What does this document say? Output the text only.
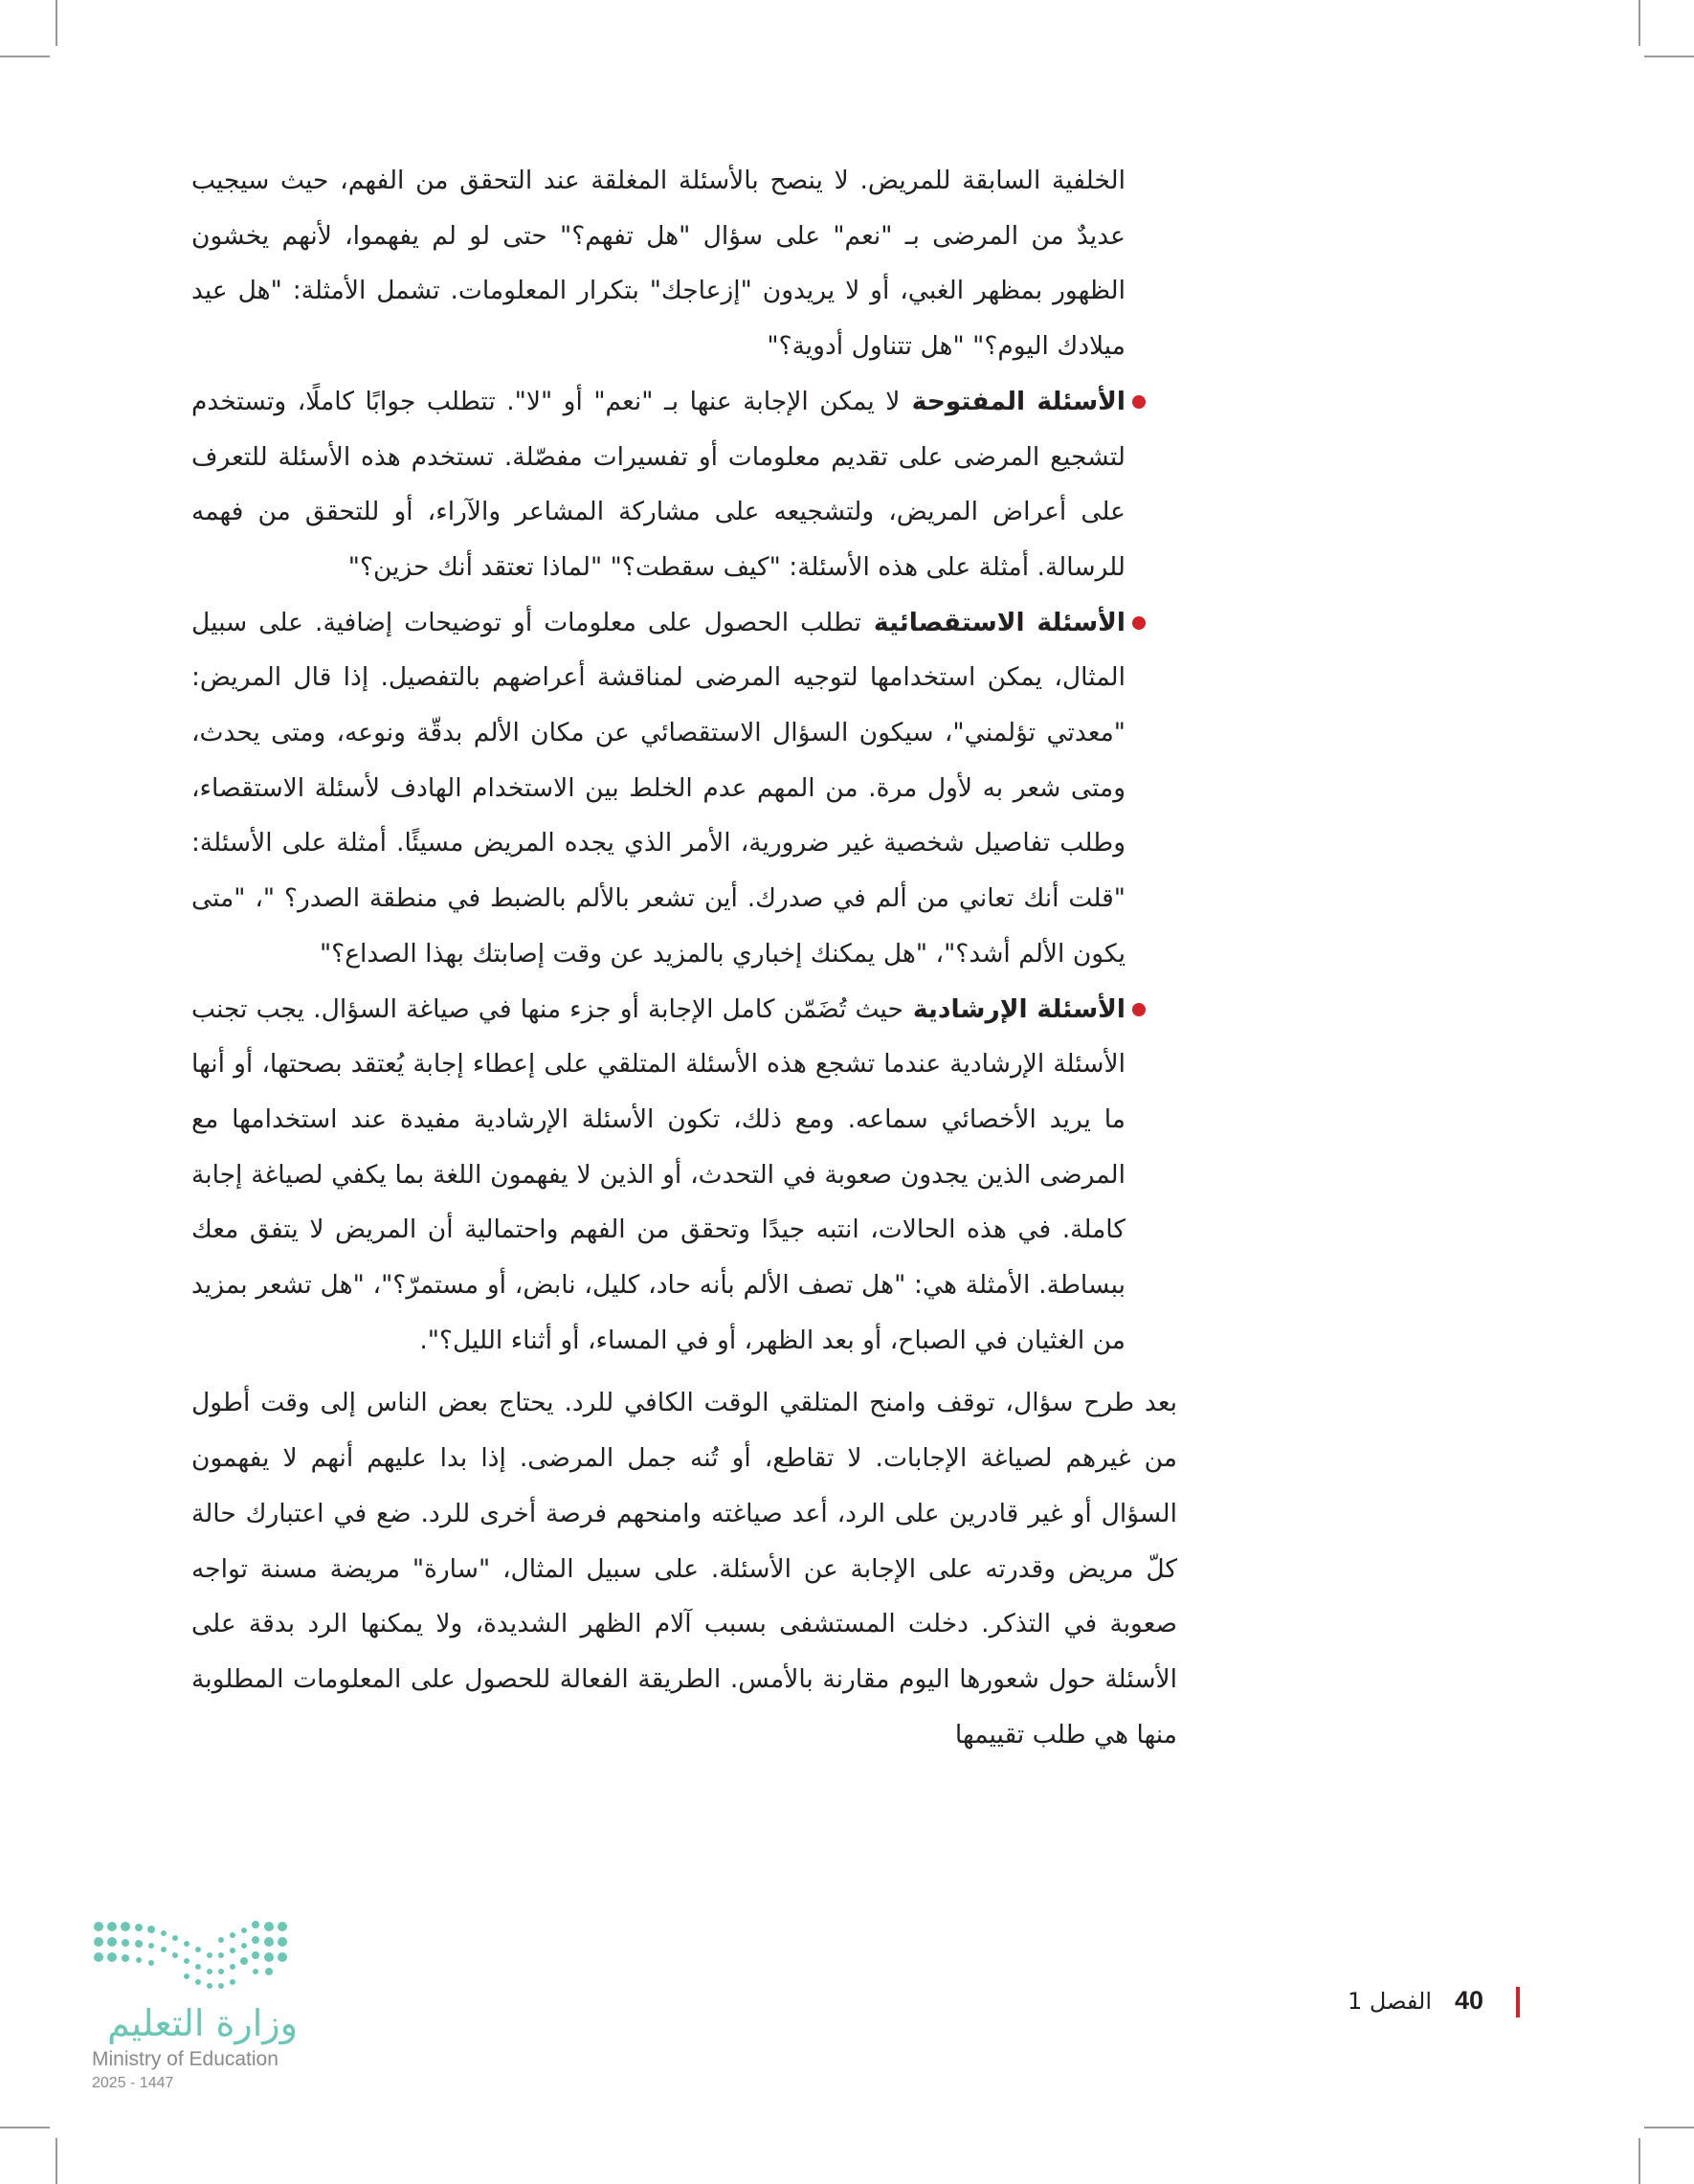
الخلفية السابقة للمريض. لا ينصح بالأسئلة المغلقة عند التحقق من الفهم، حيث سيجيب عديدٌ من المرضى بـ "نعم" على سؤال "هل تفهم؟" حتى لو لم يفهموا، لأنهم يخشون الظهور بمظهر الغبي، أو لا يريدون "إزعاجك" بتكرار المعلومات. تشمل الأمثلة: "هل عيد ميلادك اليوم؟" "هل تتناول أدوية؟"
الأسئلة المفتوحة لا يمكن الإجابة عنها بـ "نعم" أو "لا". تتطلب جوابًا كاملًا، وتستخدم لتشجيع المرضى على تقديم معلومات أو تفسيرات مفصّلة. تستخدم هذه الأسئلة للتعرف على أعراض المريض، ولتشجيعه على مشاركة المشاعر والآراء، أو للتحقق من فهمه للرسالة. أمثلة على هذه الأسئلة: "كيف سقطت؟" "لماذا تعتقد أنك حزين؟"
الأسئلة الاستقصائية تطلب الحصول على معلومات أو توضيحات إضافية. على سبيل المثال، يمكن استخدامها لتوجيه المرضى لمناقشة أعراضهم بالتفصيل. إذا قال المريض: "معدتي تؤلمني"، سيكون السؤال الاستقصائي عن مكان الألم بدقّة ونوعه، ومتى يحدث، ومتى شعر به لأول مرة. من المهم عدم الخلط بين الاستخدام الهادف لأسئلة الاستقصاء، وطلب تفاصيل شخصية غير ضرورية، الأمر الذي يجده المريض مسيئًا. أمثلة على الأسئلة: "قلت أنك تعاني من ألم في صدرك. أين تشعر بالألم بالضبط في منطقة الصدر؟ "، "متى يكون الألم أشد؟"، "هل يمكنك إخباري بالمزيد عن وقت إصابتك بهذا الصداع؟"
الأسئلة الإرشادية حيث تُضَمّن كامل الإجابة أو جزء منها في صياغة السؤال. يجب تجنب الأسئلة الإرشادية عندما تشجع هذه الأسئلة المتلقي على إعطاء إجابة يُعتقد بصحتها، أو أنها ما يريد الأخصائي سماعه. ومع ذلك، تكون الأسئلة الإرشادية مفيدة عند استخدامها مع المرضى الذين يجدون صعوبة في التحدث، أو الذين لا يفهمون اللغة بما يكفي لصياغة إجابة كاملة. في هذه الحالات، انتبه جيدًا وتحقق من الفهم واحتمالية أن المريض لا يتفق معك ببساطة. الأمثلة هي: "هل تصف الألم بأنه حاد، كليل، نابض، أو مستمرّ؟"، "هل تشعر بمزيد من الغثيان في الصباح، أو بعد الظهر، أو في المساء، أو أثناء الليل؟".

بعد طرح سؤال، توقف وامنح المتلقي الوقت الكافي للرد. يحتاج بعض الناس إلى وقت أطول من غيرهم لصياغة الإجابات. لا تقاطع، أو تُنه جمل المرضى. إذا بدا عليهم أنهم لا يفهمون السؤال أو غير قادرين على الرد، أعد صياغته وامنحهم فرصة أخرى للرد. ضع في اعتبارك حالة كلّ مريض وقدرته على الإجابة عن الأسئلة. على سبيل المثال، "سارة" مريضة مسنة تواجه صعوبة في التذكر. دخلت المستشفى بسبب آلام الظهر الشديدة، ولا يمكنها الرد بدقة على الأسئلة حول شعورها اليوم مقارنة بالأمس. الطريقة الفعالة للحصول على المعلومات المطلوبة منها هي طلب تقييمها

40
الفصل 1
وزارة التعليم
Ministry of Education
2025 - 1447
